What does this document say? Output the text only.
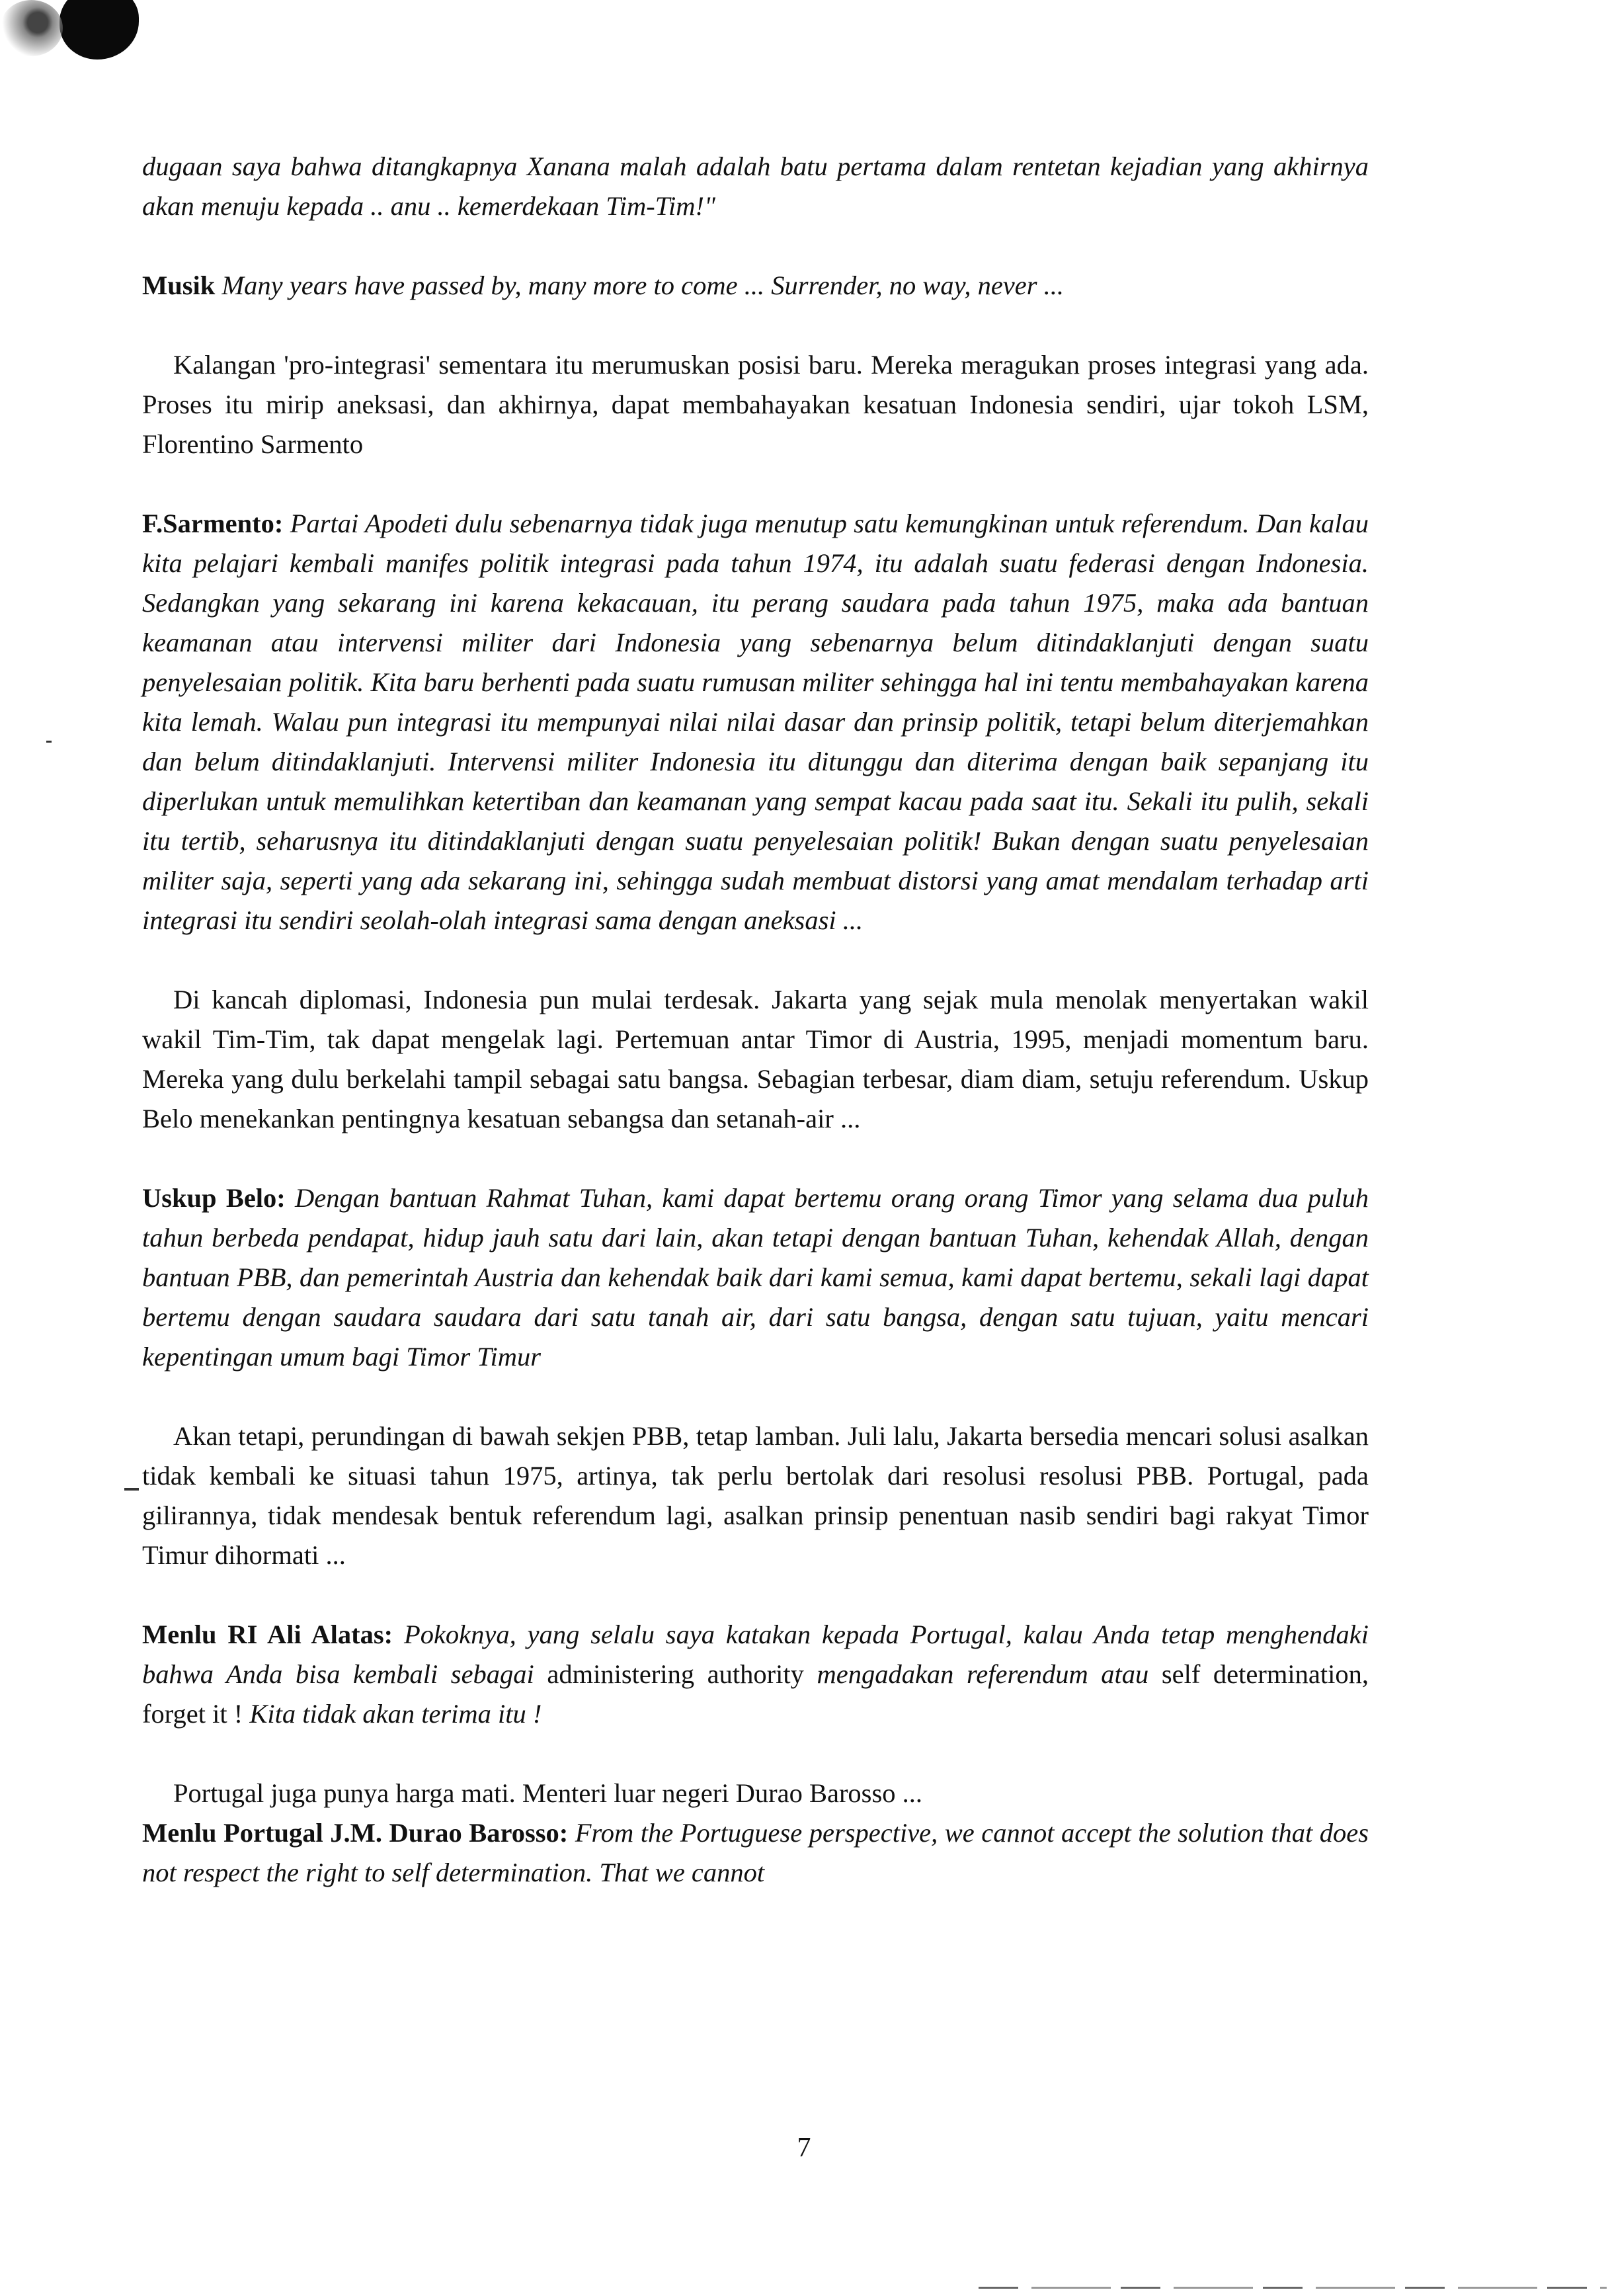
dugaan saya bahwa ditangkapnya Xanana malah adalah batu pertama dalam rentetan kejadian yang akhirnya akan menuju kepada .. anu .. kemerdekaan Tim-Tim!"

Musik Many years have passed by, many more to come ... Surrender, no way, never ...

Kalangan 'pro-integrasi' sementara itu merumuskan posisi baru. Mereka meragukan proses integrasi yang ada. Proses itu mirip aneksasi, dan akhirnya, dapat membahayakan kesatuan Indonesia sendiri, ujar tokoh LSM, Florentino Sarmento

F.Sarmento: Partai Apodeti dulu sebenarnya tidak juga menutup satu kemungkinan untuk referendum. Dan kalau kita pelajari kembali manifes politik integrasi pada tahun 1974, itu adalah suatu federasi dengan Indonesia. Sedangkan yang sekarang ini karena kekacauan, itu perang saudara pada tahun 1975, maka ada bantuan keamanan atau intervensi militer dari Indonesia yang sebenarnya belum ditindaklanjuti dengan suatu penyelesaian politik. Kita baru berhenti pada suatu rumusan militer sehingga hal ini tentu membahayakan karena kita lemah. Walau pun integrasi itu mempunyai nilai nilai dasar dan prinsip politik, tetapi belum diterjemahkan dan belum ditindaklanjuti. Intervensi militer Indonesia itu ditunggu dan diterima dengan baik sepanjang itu diperlukan untuk memulihkan ketertiban dan keamanan yang sempat kacau pada saat itu. Sekali itu pulih, sekali itu tertib, seharusnya itu ditindaklanjuti dengan suatu penyelesaian politik! Bukan dengan suatu penyelesaian militer saja, seperti yang ada sekarang ini, sehingga sudah membuat distorsi yang amat mendalam terhadap arti integrasi itu sendiri seolah-olah integrasi sama dengan aneksasi ...

Di kancah diplomasi, Indonesia pun mulai terdesak. Jakarta yang sejak mula menolak menyertakan wakil wakil Tim-Tim, tak dapat mengelak lagi. Pertemuan antar Timor di Austria, 1995, menjadi momentum baru. Mereka yang dulu berkelahi tampil sebagai satu bangsa. Sebagian terbesar, diam diam, setuju referendum. Uskup Belo menekankan pentingnya kesatuan sebangsa dan setanah-air ...

Uskup Belo: Dengan bantuan Rahmat Tuhan, kami dapat bertemu orang orang Timor yang selama dua puluh tahun berbeda pendapat, hidup jauh satu dari lain, akan tetapi dengan bantuan Tuhan, kehendak Allah, dengan bantuan PBB, dan pemerintah Austria dan kehendak baik dari kami semua, kami dapat bertemu, sekali lagi dapat bertemu dengan saudara saudara dari satu tanah air, dari satu bangsa, dengan satu tujuan, yaitu mencari kepentingan umum bagi Timor Timur

Akan tetapi, perundingan di bawah sekjen PBB, tetap lamban. Juli lalu, Jakarta bersedia mencari solusi asalkan tidak kembali ke situasi tahun 1975, artinya, tak perlu bertolak dari resolusi resolusi PBB. Portugal, pada gilirannya, tidak mendesak bentuk referendum lagi, asalkan prinsip penentuan nasib sendiri bagi rakyat Timor Timur dihormati ...

Menlu RI Ali Alatas: Pokoknya, yang selalu saya katakan kepada Portugal, kalau Anda tetap menghendaki bahwa Anda bisa kembali sebagai administering authority mengadakan referendum atau self determination, forget it ! Kita tidak akan terima itu !

Portugal juga punya harga mati. Menteri luar negeri Durao Barosso ...

Menlu Portugal J.M. Durao Barosso: From the Portuguese perspective, we cannot accept the solution that does not respect the right to self determination. That we cannot

7
